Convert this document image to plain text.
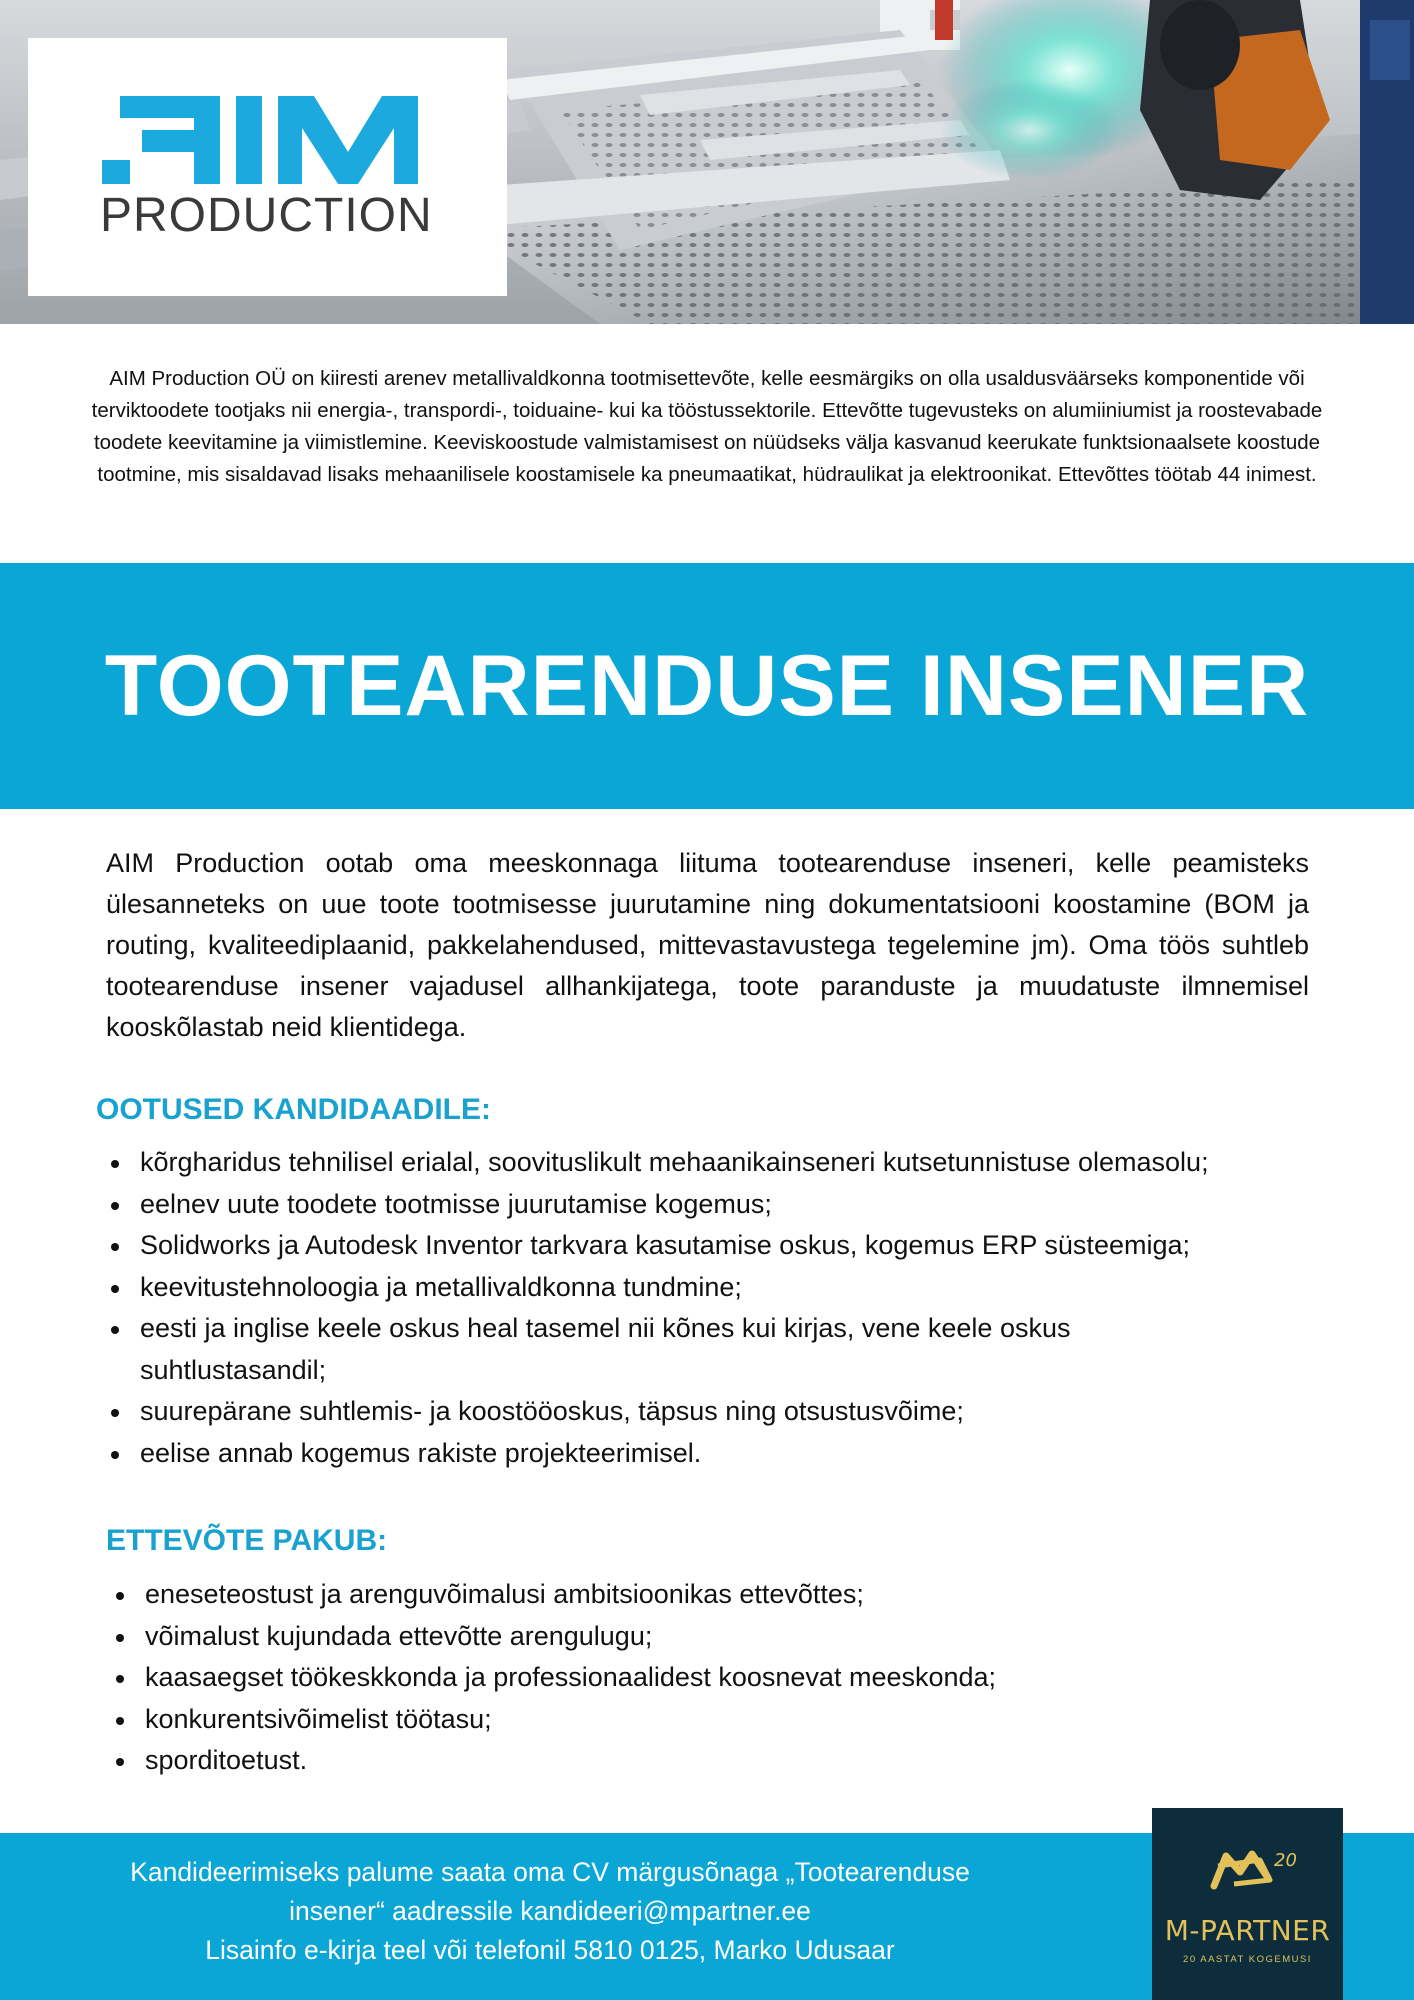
PRODUCTION
AIM Production OÜ on kiiresti arenev metallivaldkonna tootmisettevõte, kelle eesmärgiks on olla usaldusväärseks komponentide või terviktoodete tootjaks nii energia-, transpordi-, toiduaine- kui ka tööstussektorile. Ettevõtte tugevusteks on alumiiniumist ja roostevabade toodete keevitamine ja viimistlemine. Keeviskoostude valmistamisest on nüüdseks välja kasvanud keerukate funktsionaalsete koostude tootmine, mis sisaldavad lisaks mehaanilisele koostamisele ka pneumaatikat, hüdraulikat ja elektroonikat. Ettevõttes töötab 44 inimest.
TOOTEARENDUSE INSENER
AIM Production ootab oma meeskonnaga liituma tootearenduse inseneri, kelle peamisteks ülesanneteks on uue toote tootmisesse juurutamine ning dokumentatsiooni koostamine (BOM ja routing, kvaliteediplaanid, pakkelahendused, mittevastavustega tegelemine jm). Oma töös suhtleb tootearenduse insener vajadusel allhankijatega, toote paranduste ja muudatuste ilmnemisel kooskõlastab neid klientidega.
OOTUSED KANDIDAADILE:
kõrgharidus tehnilisel erialal, soovituslikult mehaanikainseneri kutsetunnistuse olemasolu;
eelnev uute toodete tootmisse juurutamise kogemus;
Solidworks ja Autodesk Inventor tarkvara kasutamise oskus, kogemus ERP süsteemiga;
keevitustehnoloogia ja metallivaldkonna tundmine;
eesti ja inglise keele oskus heal tasemel nii kõnes kui kirjas, vene keele oskus suhtlustasandil;
suurepärane suhtlemis- ja koostööoskus, täpsus ning otsustusvõime;
eelise annab kogemus rakiste projekteerimisel.
ETTEVÕTE PAKUB:
eneseteostust ja arenguvõimalusi ambitsioonikas ettevõttes;
võimalust kujundada ettevõtte arengulugu;
kaasaegset töökeskkonda ja professionaalidest koosnevat meeskonda;
konkurentsivõimelist töötasu;
sporditoetust.
Kandideerimiseks palume saata oma CV märgusõnaga „Tootearenduse
insener“ aadressile kandideeri@mpartner.ee
Lisainfo e-kirja teel või telefonil 5810 0125, Marko Udusaar
20
M-PARTNER
20 AASTAT KOGEMUSI
